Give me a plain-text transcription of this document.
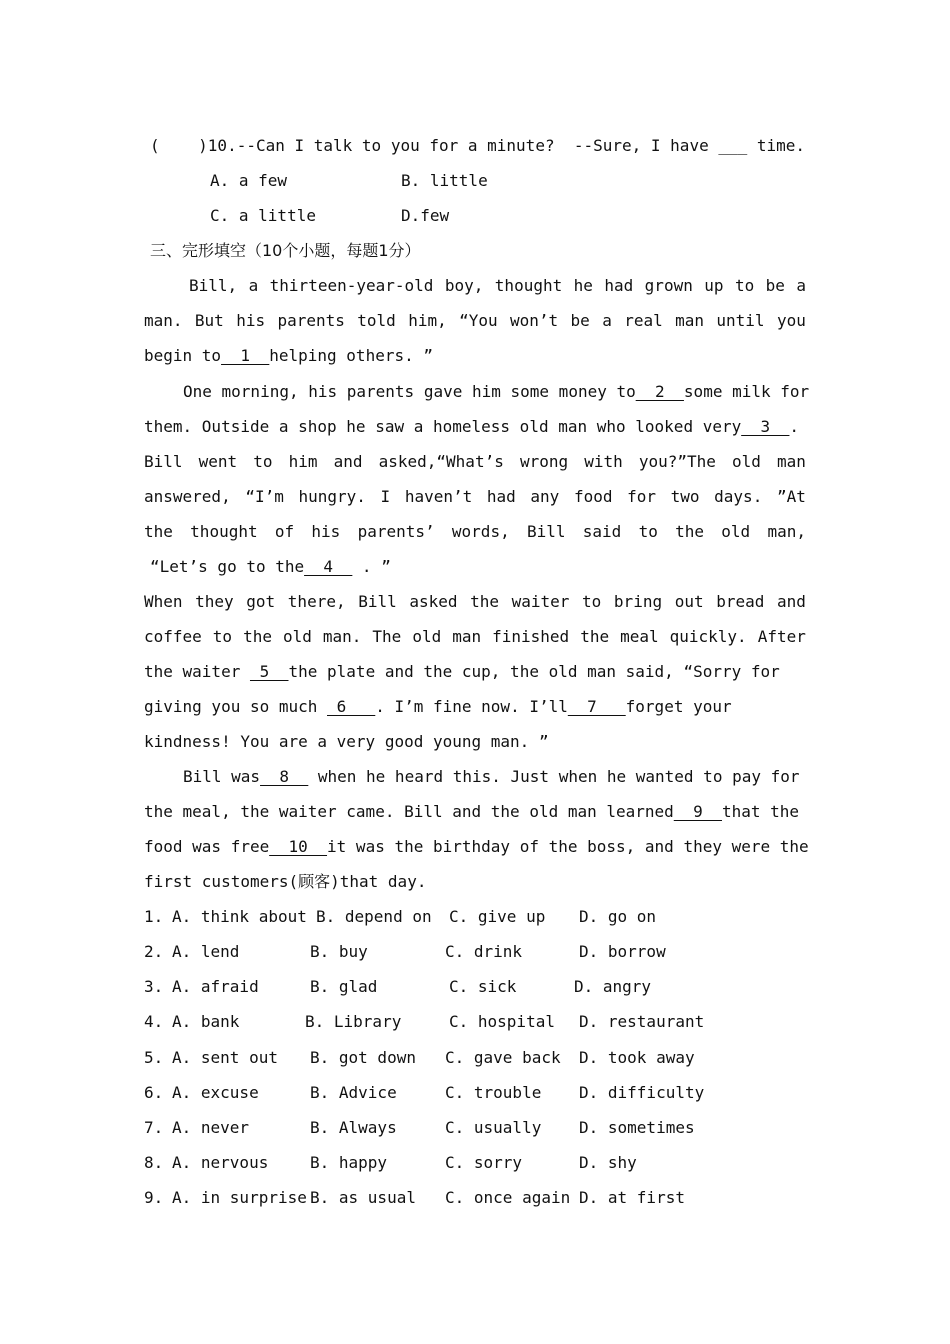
(    )10.--Can I talk to you for a minute?  --Sure, I have ___ time.
A. a few	B. little
C. a little	D.few
三、完形填空（10个小题，每题1分）
Bill, a thirteen-year-old boy, thought he had grown up to be a
man. But his parents told him, “You won’t be a real man until you
begin to__1__helping others. ”
One morning, his parents gave him some money to__2__some milk for
them. Outside a shop he saw a homeless old man who looked very__3__.
Bill went to him and asked,“What’s wrong with you?”The old man
answered, “I’m hungry. I haven’t had any food for two days. ”At
the thought of his parents’ words, Bill said to the old man,
“Let’s go to the__4__ . ”
When they got there, Bill asked the waiter to bring out bread and
coffee to the old man. The old man finished the meal quickly. After
the waiter _5__the plate and the cup, the old man said, “Sorry for
giving you so much _6___. I’m fine now. I’ll__7___forget your
kindness! You are a very good young man. ”
Bill was__8__ when he heard this. Just when he wanted to pay for
the meal, the waiter came. Bill and the old man learned__9__that the
food was free__10__it was the birthday of the boss, and they were the
first customers(顾客)that day.
1. A. think about B. depend on C. give up D. go on
2. A. lend	B. buy	C. drink	D. borrow
3. A. afraid	B. glad	C. sick	D. angry
4. A. bank	B. Library	C. hospital D. restaurant
5. A. sent out B. got down C. gave back D. took away
6. A. excuse	B. Advice	C. trouble D. difficulty
7. A. never	B. Always	C. usually D. sometimes
8. A. nervous	B. happy	C. sorry	D. shy
9. A. in surprise B. as usual C. once again D. at first
